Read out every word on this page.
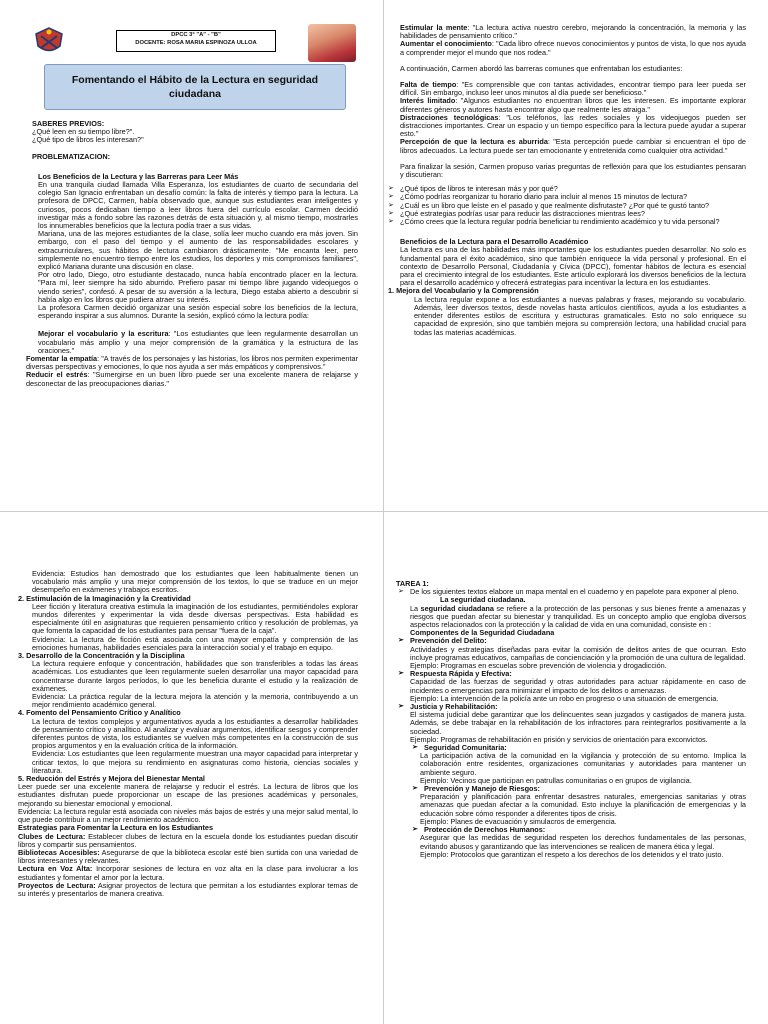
DPCC 3° "A" - "B"
DOCENTE: ROSA MARIA ESPINOZA ULLOA
Fomentando el Hábito de la Lectura en seguridad ciudadana

SABERES PREVIOS:

¿Qué leen en su tiempo libre?".

¿Qué tipo de libros les interesan?"

PROBLEMATIZACION:

Los Beneficios de la Lectura y las Barreras para Leer Más

En una tranquila ciudad llamada Villa Esperanza, los estudiantes de cuarto de secundaria del colegio San Ignacio enfrentaban un desafío común: la falta de interés y tiempo para la lectura. La profesora de DPCC, Carmen, había observado que, aunque sus estudiantes eran inteligentes y curiosos, pocos dedicaban tiempo a leer libros fuera del currículo escolar. Carmen decidió investigar más a fondo sobre las razones detrás de esta situación y, al mismo tiempo, mostrarles los innumerables beneficios que la lectura podía traer a sus vidas.

Mariana, una de las mejores estudiantes de la clase, solía leer mucho cuando era más joven. Sin embargo, con el paso del tiempo y el aumento de las responsabilidades escolares y extracurriculares, sus hábitos de lectura cambiaron drásticamente. "Me encanta leer, pero simplemente no encuentro tiempo entre los estudios, los deportes y mis compromisos familiares", explicó Mariana durante una discusión en clase.

Por otro lado, Diego, otro estudiante destacado, nunca había encontrado placer en la lectura. "Para mí, leer siempre ha sido aburrido. Prefiero pasar mi tiempo libre jugando videojuegos o viendo series", confesó. A pesar de su aversión a la lectura, Diego estaba abierto a descubrir si había algo en los libros que pudiera atraer su interés.

La profesora Carmen decidió organizar una sesión especial sobre los beneficios de la lectura, esperando inspirar a sus alumnos. Durante la sesión, explicó cómo la lectura podía:

Mejorar el vocabulario y la escritura: "Los estudiantes que leen regularmente desarrollan un vocabulario más amplio y una mejor comprensión de la gramática y la estructura de las oraciones."

Fomentar la empatía: "A través de los personajes y las historias, los libros nos permiten experimentar diversas perspectivas y emociones, lo que nos ayuda a ser más empáticos y comprensivos."

Reducir el estrés: "Sumergirse en un buen libro puede ser una excelente manera de relajarse y desconectar de las preocupaciones diarias."

Estimular la mente: "La lectura activa nuestro cerebro, mejorando la concentración, la memoria y las habilidades de pensamiento crítico."

Aumentar el conocimiento: "Cada libro ofrece nuevos conocimientos y puntos de vista, lo que nos ayuda a comprender mejor el mundo que nos rodea."

A continuación, Carmen abordó las barreras comunes que enfrentaban los estudiantes:

Falta de tiempo: "Es comprensible que con tantas actividades, encontrar tiempo para leer pueda ser difícil. Sin embargo, incluso leer unos minutos al día puede ser beneficioso."

Interés limitado: "Algunos estudiantes no encuentran libros que les interesen. Es importante explorar diferentes géneros y autores hasta encontrar algo que realmente les atraiga."

Distracciones tecnológicas: "Los teléfonos, las redes sociales y los videojuegos pueden ser distracciones importantes. Crear un espacio y un tiempo específico para la lectura puede ayudar a superar esto."

Percepción de que la lectura es aburrida: "Esta percepción puede cambiar si encuentran el tipo de libros adecuados. La lectura puede ser tan emocionante y entretenida como cualquier otra actividad."

Para finalizar la sesión, Carmen propuso varias preguntas de reflexión para que los estudiantes pensaran y discutieran:

➢ ¿Qué tipos de libros te interesan más y por qué?
➢ ¿Cómo podrías reorganizar tu horario diario para incluir al menos 15 minutos de lectura?
➢ ¿Cuál es un libro que leíste en el pasado y que realmente disfrutaste? ¿Por qué te gustó tanto?
➢ ¿Qué estrategias podrías usar para reducir las distracciones mientras lees?
➢ ¿Cómo crees que la lectura regular podría beneficiar tu rendimiento académico y tu vida personal?

Beneficios de la Lectura para el Desarrollo Académico

La lectura es una de las habilidades más importantes que los estudiantes pueden desarrollar. No solo es fundamental para el éxito académico, sino que también enriquece la vida personal y profesional. En el contexto de Desarrollo Personal, Ciudadanía y Cívica (DPCC), fomentar hábitos de lectura es esencial para el crecimiento integral de los estudiantes. Este artículo explorará los diversos beneficios de la lectura para el desarrollo académico y ofrecerá estrategias para incentivar la lectura en los estudiantes.

1. Mejora del Vocabulario y la Comprensión

La lectura regular expone a los estudiantes a nuevas palabras y frases, mejorando su vocabulario. Además, leer diversos textos, desde novelas hasta artículos científicos, ayuda a los estudiantes a entender diferentes estilos de escritura y estructuras gramaticales. Esto no solo enriquece su capacidad de expresión, sino que también mejora su comprensión lectora, una habilidad crucial para todas las materias académicas.

Evidencia: Estudios han demostrado que los estudiantes que leen habitualmente tienen un vocabulario más amplio y una mejor comprensión de los textos, lo que se traduce en un mejor desempeño en exámenes y trabajos escritos.

2. Estimulación de la Imaginación y la Creatividad

Leer ficción y literatura creativa estimula la imaginación de los estudiantes, permitiéndoles explorar mundos diferentes y experimentar la vida desde diversas perspectivas. Esta habilidad es especialmente útil en asignaturas que requieren pensamiento crítico y resolución de problemas, ya que fomenta la capacidad de los estudiantes para pensar "fuera de la caja".

Evidencia: La lectura de ficción está asociada con una mayor empatía y comprensión de las emociones humanas, habilidades esenciales para la interacción social y el trabajo en equipo.

3. Desarrollo de la Concentración y la Disciplina

La lectura requiere enfoque y concentración, habilidades que son transferibles a todas las áreas académicas. Los estudiantes que leen regularmente suelen desarrollar una mayor capacidad para concentrarse durante largos períodos, lo que les beneficia durante el estudio y la realización de exámenes.

Evidencia: La práctica regular de la lectura mejora la atención y la memoria, contribuyendo a un mejor rendimiento académico general.

4. Fomento del Pensamiento Crítico y Analítico

La lectura de textos complejos y argumentativos ayuda a los estudiantes a desarrollar habilidades de pensamiento crítico y analítico. Al analizar y evaluar argumentos, identificar sesgos y comprender diferentes puntos de vista, los estudiantes se vuelven más competentes en la construcción de sus propios argumentos y en la evaluación crítica de la información.

Evidencia: Los estudiantes que leen regularmente muestran una mayor capacidad para interpretar y criticar textos, lo que mejora su rendimiento en asignaturas como historia, ciencias sociales y literatura.

5. Reducción del Estrés y Mejora del Bienestar Mental

Leer puede ser una excelente manera de relajarse y reducir el estrés. La lectura de libros que los estudiantes disfrutan puede proporcionar un escape de las presiones académicas y personales, mejorando su bienestar emocional y emocional.

Evidencia: La lectura regular está asociada con niveles más bajos de estrés y una mejor salud mental, lo que puede contribuir a un mejor rendimiento académico.

Estrategias para Fomentar la Lectura en los Estudiantes

Clubes de Lectura: Establecer clubes de lectura en la escuela donde los estudiantes puedan discutir libros y compartir sus pensamientos.

Bibliotecas Accesibles: Asegurarse de que la biblioteca escolar esté bien surtida con una variedad de libros interesantes y relevantes.

Lectura en Voz Alta: Incorporar sesiones de lectura en voz alta en la clase para involucrar a los estudiantes y fomentar el amor por la lectura.

Proyectos de Lectura: Asignar proyectos de lectura que permitan a los estudiantes explorar temas de su interés y presentarlos de manera creativa.

TAREA 1:

➢ De los siguientes textos elabore un mapa mental en el cuaderno y en papelote para exponer al pleno.

La seguridad ciudadana.

La seguridad ciudadana se refiere a la protección de las personas y sus bienes frente a amenazas y riesgos que puedan afectar su bienestar y tranquilidad. Es un concepto amplio que engloba diversos aspectos relacionados con la protección y la calidad de vida en una comunidad, consiste en :

Componentes de la Seguridad Ciudadana

➢ Prevención del Delito:

Actividades y estrategias diseñadas para evitar la comisión de delitos antes de que ocurran. Esto incluye programas educativos, campañas de concienciación y la promoción de una cultura de legalidad.

Ejemplo: Programas en escuelas sobre prevención de violencia y drogadicción.

➢ Respuesta Rápida y Efectiva:

Capacidad de las fuerzas de seguridad y otras autoridades para actuar rápidamente en caso de incidentes o emergencias para minimizar el impacto de los delitos o amenazas.

Ejemplo: La intervención de la policía ante un robo en progreso o una situación de emergencia.

➢ Justicia y Rehabilitación:

El sistema judicial debe garantizar que los delincuentes sean juzgados y castigados de manera justa. Además, se debe trabajar en la rehabilitación de los infractores para reintegrarlos positivamente a la sociedad.

Ejemplo: Programas de rehabilitación en prisión y servicios de orientación para exconvictos.

➢ Seguridad Comunitaria:

La participación activa de la comunidad en la vigilancia y protección de su entorno. Implica la colaboración entre residentes, organizaciones comunitarias y autoridades para mantener un ambiente seguro.

Ejemplo: Vecinos que participan en patrullas comunitarias o en grupos de vigilancia.

➢ Prevención y Manejo de Riesgos:

Preparación y planificación para enfrentar desastres naturales, emergencias sanitarias y otras amenazas que puedan afectar a la comunidad. Esto incluye la planificación de emergencias y la educación sobre cómo responder a diferentes tipos de crisis.

Ejemplo: Planes de evacuación y simulacros de emergencia.

➢ Protección de Derechos Humanos:

Asegurar que las medidas de seguridad respeten los derechos fundamentales de las personas, evitando abusos y garantizando que las intervenciones se realicen de manera ética y legal.

Ejemplo: Protocolos que garantizan el respeto a los derechos de los detenidos y el trato justo.
